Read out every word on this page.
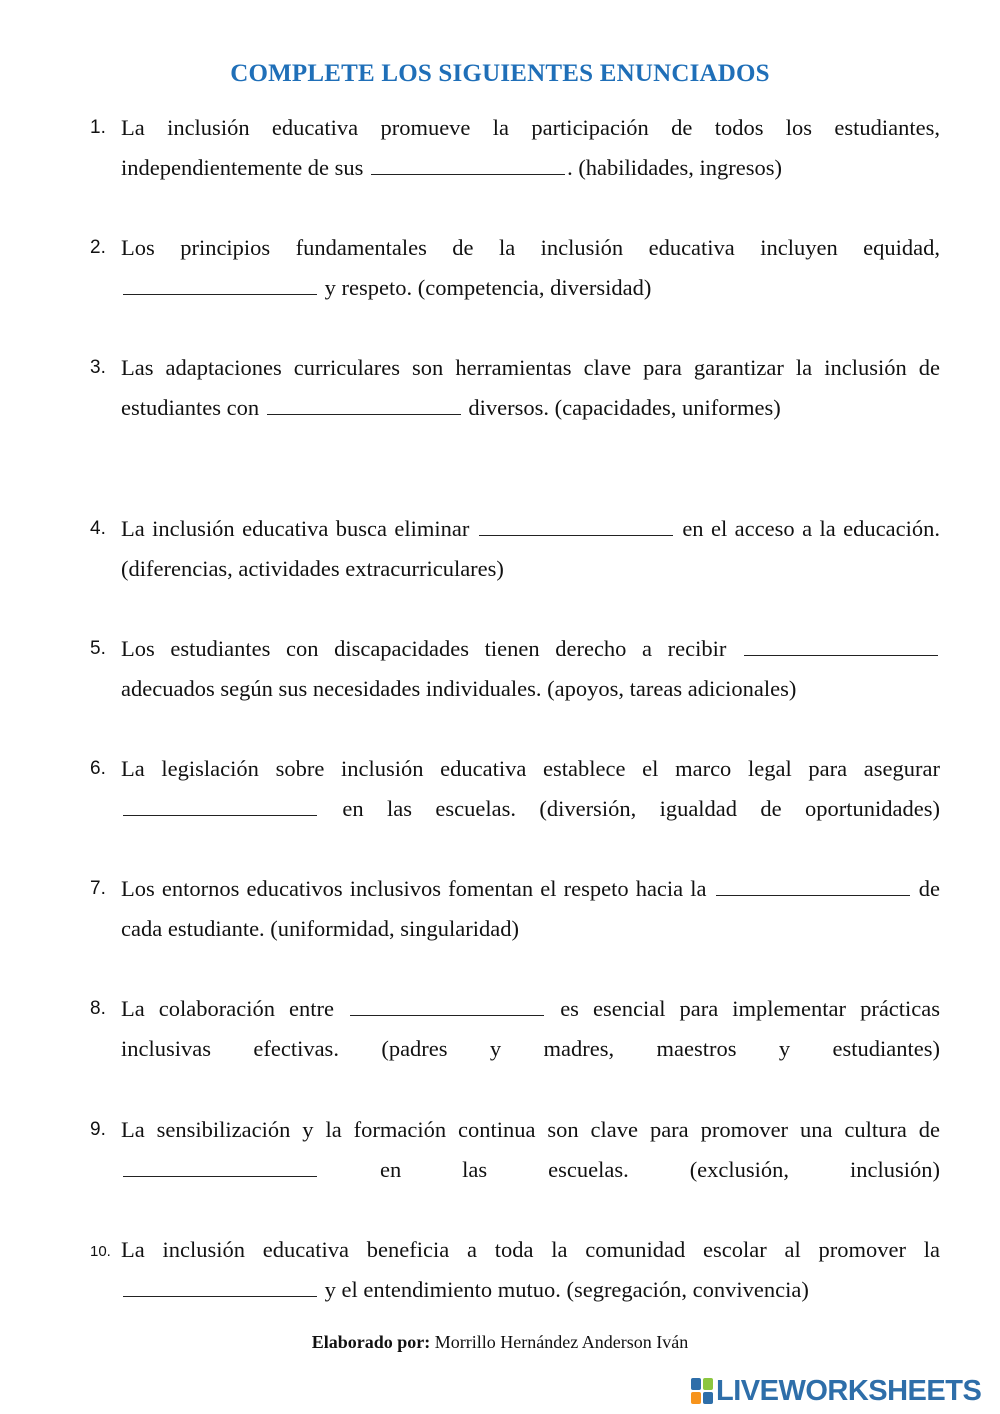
COMPLETE LOS SIGUIENTES ENUNCIADOS
1. La inclusión educativa promueve la participación de todos los estudiantes, independientemente de sus	. (habilidades, ingresos)
2. Los principios fundamentales de la inclusión educativa incluyen equidad,  y respeto. (competencia, diversidad)
3. Las adaptaciones curriculares son herramientas clave para garantizar la inclusión de estudiantes con	diversos. (capacidades, uniformes)
4. La inclusión educativa busca eliminar	en el acceso a la educación. (diferencias, actividades extracurriculares)
5. Los estudiantes con discapacidades tienen derecho a recibir  adecuados según sus necesidades individuales. (apoyos, tareas adicionales)
6. La legislación sobre inclusión educativa establece el marco legal para asegurar  en las escuelas. (diversión, igualdad de oportunidades)
7. Los entornos educativos inclusivos fomentan el respeto hacia la	de cada estudiante. (uniformidad, singularidad)
8. La colaboración entre	es esencial para implementar prácticas inclusivas efectivas. (padres y madres, maestros y estudiantes)
9. La sensibilización y la formación continua son clave para promover una cultura de  en las escuelas. (exclusión, inclusión)
10. La inclusión educativa beneficia a toda la comunidad escolar al promover la  y el entendimiento mutuo. (segregación, convivencia)
Elaborado por: Morrillo Hernández Anderson Iván
LIVEWORKSHEETS
